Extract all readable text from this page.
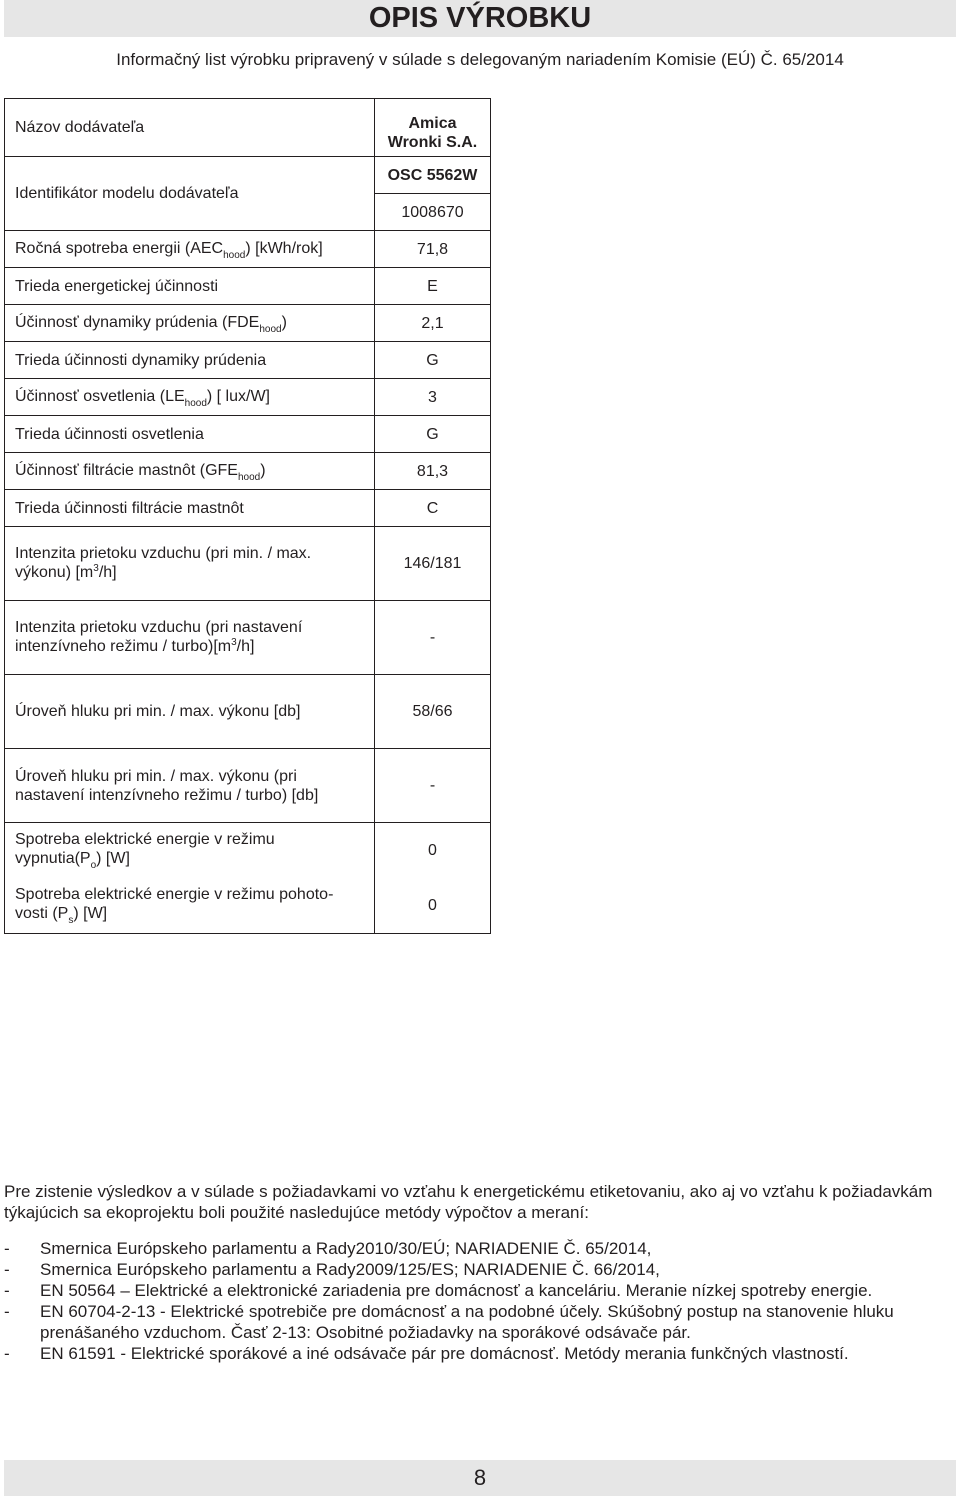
OPIS VÝROBKU
Informačný list výrobku pripravený v súlade s delegovaným nariadením Komisie (EÚ) Č. 65/2014
Názov dodávateľa	Amica
Wronki S.A.

Identifikátor modelu dodávateľa	OSC 5562W
	1008670
Ročná spotreba energii $(AEC_{hood})$ [kWh/rok]	71,8
Trieda energetickej účinnosti	E
Účinnosť dynamiky prúdenia $(FDE_{hood})$	2,1
Trieda účinnosti dynamiky prúdenia	G
Účinnosť osvetlenia $(LE_{hood})$ [ lux/W]	3
Trieda účinnosti osvetlenia	G
Účinnosť filtrácie mastnôt $(GFE_{hood})$	81,3
Trieda účinnosti filtrácie mastnôt	C

Intenzita prietoku vzduchu (pri min. / max.
výkonu) $[m^3/h]$	146/181

Intenzita prietoku vzduchu (pri nastavení
intenzívneho režimu / $turbo)[m^3/h]$	-
Úroveň hluku pri min. / max. výkonu [db]	58/66

Úroveň hluku pri min. / max. výkonu (pri
nastavení intenzívneho režimu / turbo) [db]	-

Spotreba elektrické energie v režimu
$vypnutia(P_o)$ [W]	0

Spotreba elektrické energie v režimu pohoto-
vosti $(P_s)$ [W]	0

Pre zistenie výsledkov a v súlade s požiadavkami vo vzťahu k energetickému etiketovaniu, ako aj vo vzťahu k požiadavkám týkajúcich sa ekoprojektu boli použité nasledujúce metódy výpočtov a meraní:

- Smernica Európskeho parlamentu a Rady2010/30/EÚ; NARIADENIE Č. 65/2014,
- Smernica Európskeho parlamentu a Rady2009/125/ES; NARIADENIE Č. 66/2014,
- EN 50564 – Elektrické a elektronické zariadenia pre domácnosť a kanceláriu. Meranie nízkej spotreby energie.
- EN 60704-2-13 - Elektrické spotrebiče pre domácnosť a na podobné účely. Skúšobný postup na stanovenie hluku prenášaného vzduchom. Časť 2-13: Osobitné požiadavky na sporákové odsávače pár.
- EN 61591 - Elektrické sporákové a iné odsávače pár pre domácnosť. Metódy merania funkčných vlastností.
8
